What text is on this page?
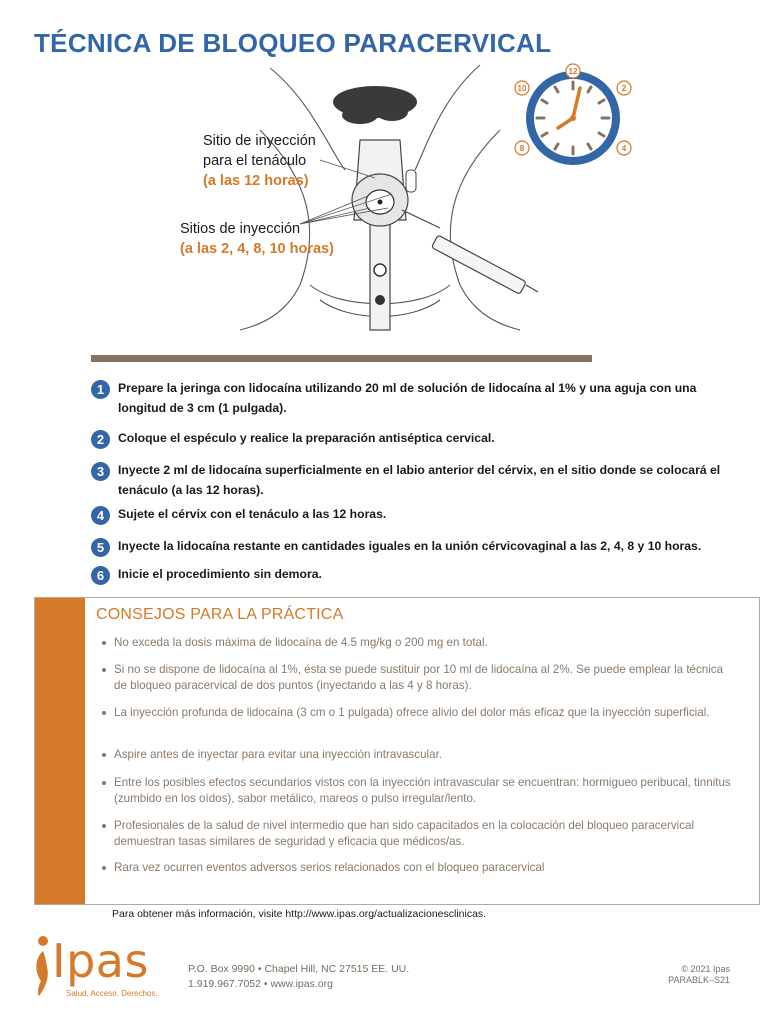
TÉCNICA DE BLOQUEO PARACERVICAL
Sitio de inyección
para el tenáculo
(a las 12 horas)
Sitios de inyección
(a las 2, 4, 8, 10 horas)
12
2
4
8
10
1	Prepare la jeringa con lidocaína utilizando 20 ml de solución de lidocaína al 1% y una aguja con una longitud de 3 cm (1 pulgada).
2	Coloque el espéculo y realice la preparación antiséptica cervical.
3	Inyecte 2 ml de lidocaína superficialmente en el labio anterior del cérvix, en el sitio donde se colocará el tenáculo (a las 12 horas).
4	Sujete el cérvix con el tenáculo a las 12 horas.
5	Inyecte la lidocaína restante en cantidades iguales en la unión cérvicovaginal a las 2, 4, 8 y 10 horas.
6	Inicie el procedimiento sin demora.
CONSEJOS PARA LA PRÁCTICA
No exceda la dosis máxima de lidocaína de 4.5 mg/kg o 200 mg en total.
Si no se dispone de lidocaína al 1%, ésta se puede sustituir por 10 ml de lidocaína al 2%. Se puede emplear la técnica de bloqueo paracervical de dos puntos (inyectando a las 4 y 8 horas).
La inyección profunda de lidocaína (3 cm o 1 pulgada) ofrece alivio del dolor más eficaz que la inyección superficial.
Aspire antes de inyectar para evitar una inyección intravascular.
Entre los posibles efectos secundarios vistos con la inyección intravascular se encuentran: hormigueo peribucal, tinnitus (zumbido en los oídos), sabor metálico, mareos o pulso irregular/lento.
Profesionales de la salud de nivel intermedio que han sido capacitados en la colocación del bloqueo paracervical demuestran tasas similares de seguridad y eficacia que médicos/as.
Rara vez ocurren eventos adversos serios relacionados con el bloqueo paracervical
Para obtener más información, visite http://www.ipas.org/actualizacionesclinicas.
Ipas
Salud. Acceso. Derechos.
P.O. Box 9990 • Chapel Hill, NC 27515 EE. UU.
1.919.967.7052 • www.ipas.org
© 2021 Ipas
PARABLK–S21
